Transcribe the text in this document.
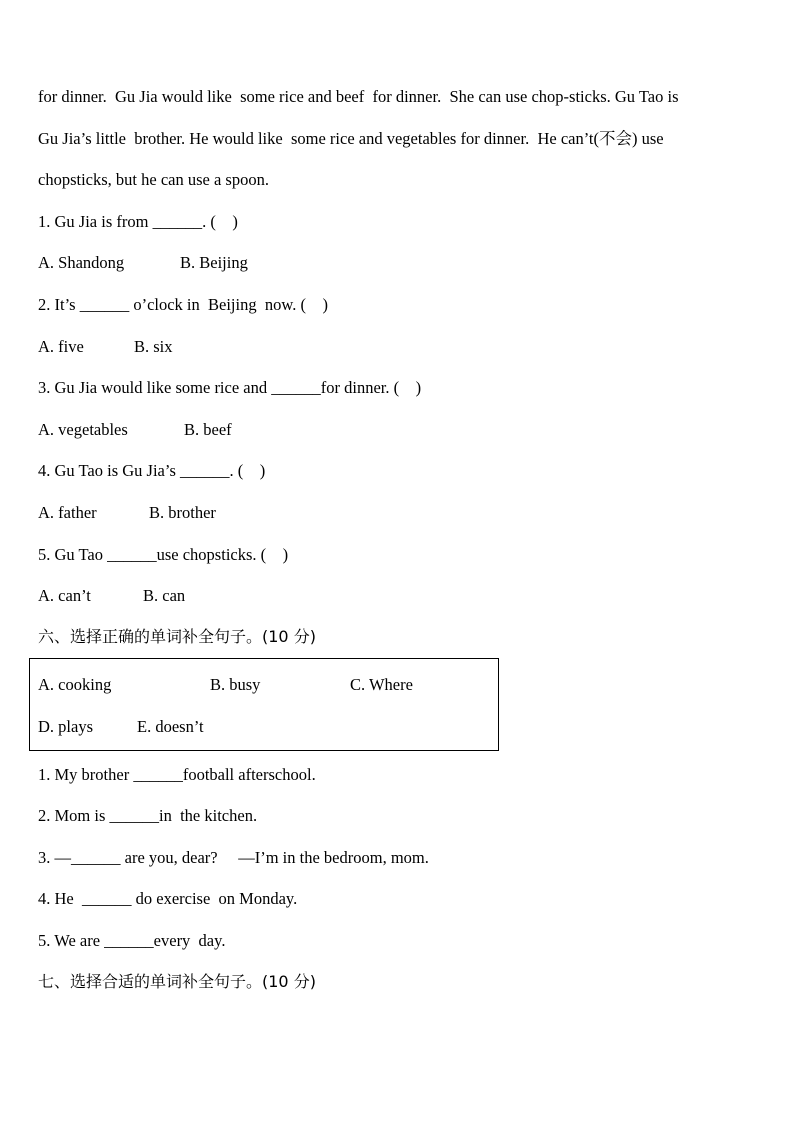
for dinner.  Gu Jia would like  some rice and beef  for dinner.  She can use chop-sticks. Gu Tao is
Gu Jia’s little  brother. He would like  some rice and vegetables for dinner.  He can’t(不会) use
chopsticks, but he can use a spoon.
1. Gu Jia is from ______. (    )
A. Shandong	B. Beijing
2. It’s ______ o’clock in  Beijing  now. (    )
A. five	B. six
3. Gu Jia would like some rice and ______for dinner. (    )
A. vegetables	B. beef
4. Gu Tao is Gu Jia’s ______. (    )
A. father	B. brother
5. Gu Tao ______use chopsticks. (    )
A. can’t	B. can
六、选择正确的单词补全句子。(10 分)
A. cooking	B. busy	C. Where
D. plays	E. doesn’t
1. My brother ______football afterschool.
2. Mom is ______in  the kitchen.
3. —______ are you, dear?     —I’m in the bedroom, mom.
4. He  ______ do exercise  on Monday.
5. We are ______every  day.
七、选择合适的单词补全句子。(10 分)
